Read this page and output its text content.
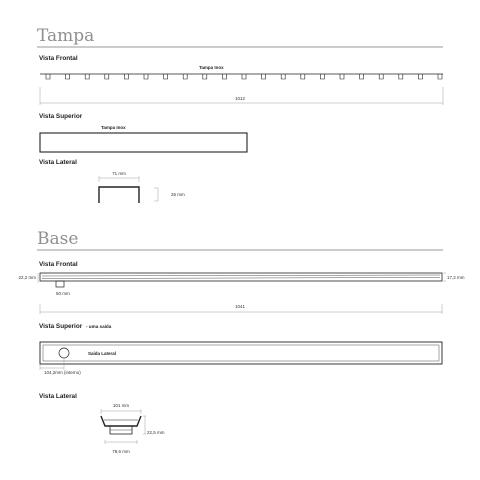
Tampa
Vista Frontal
Tampa Inox
1012
Vista Superior
Tampa Inox
Vista Lateral
71 mm
26 mm
Base
Vista Frontal
22,2 mm	17,2 mm
50 mm
1041
Vista Superior - uma saída
Saída Lateral
104,2mm (interno)
Vista Lateral
101 mm
22,5 mm
78,6 mm
